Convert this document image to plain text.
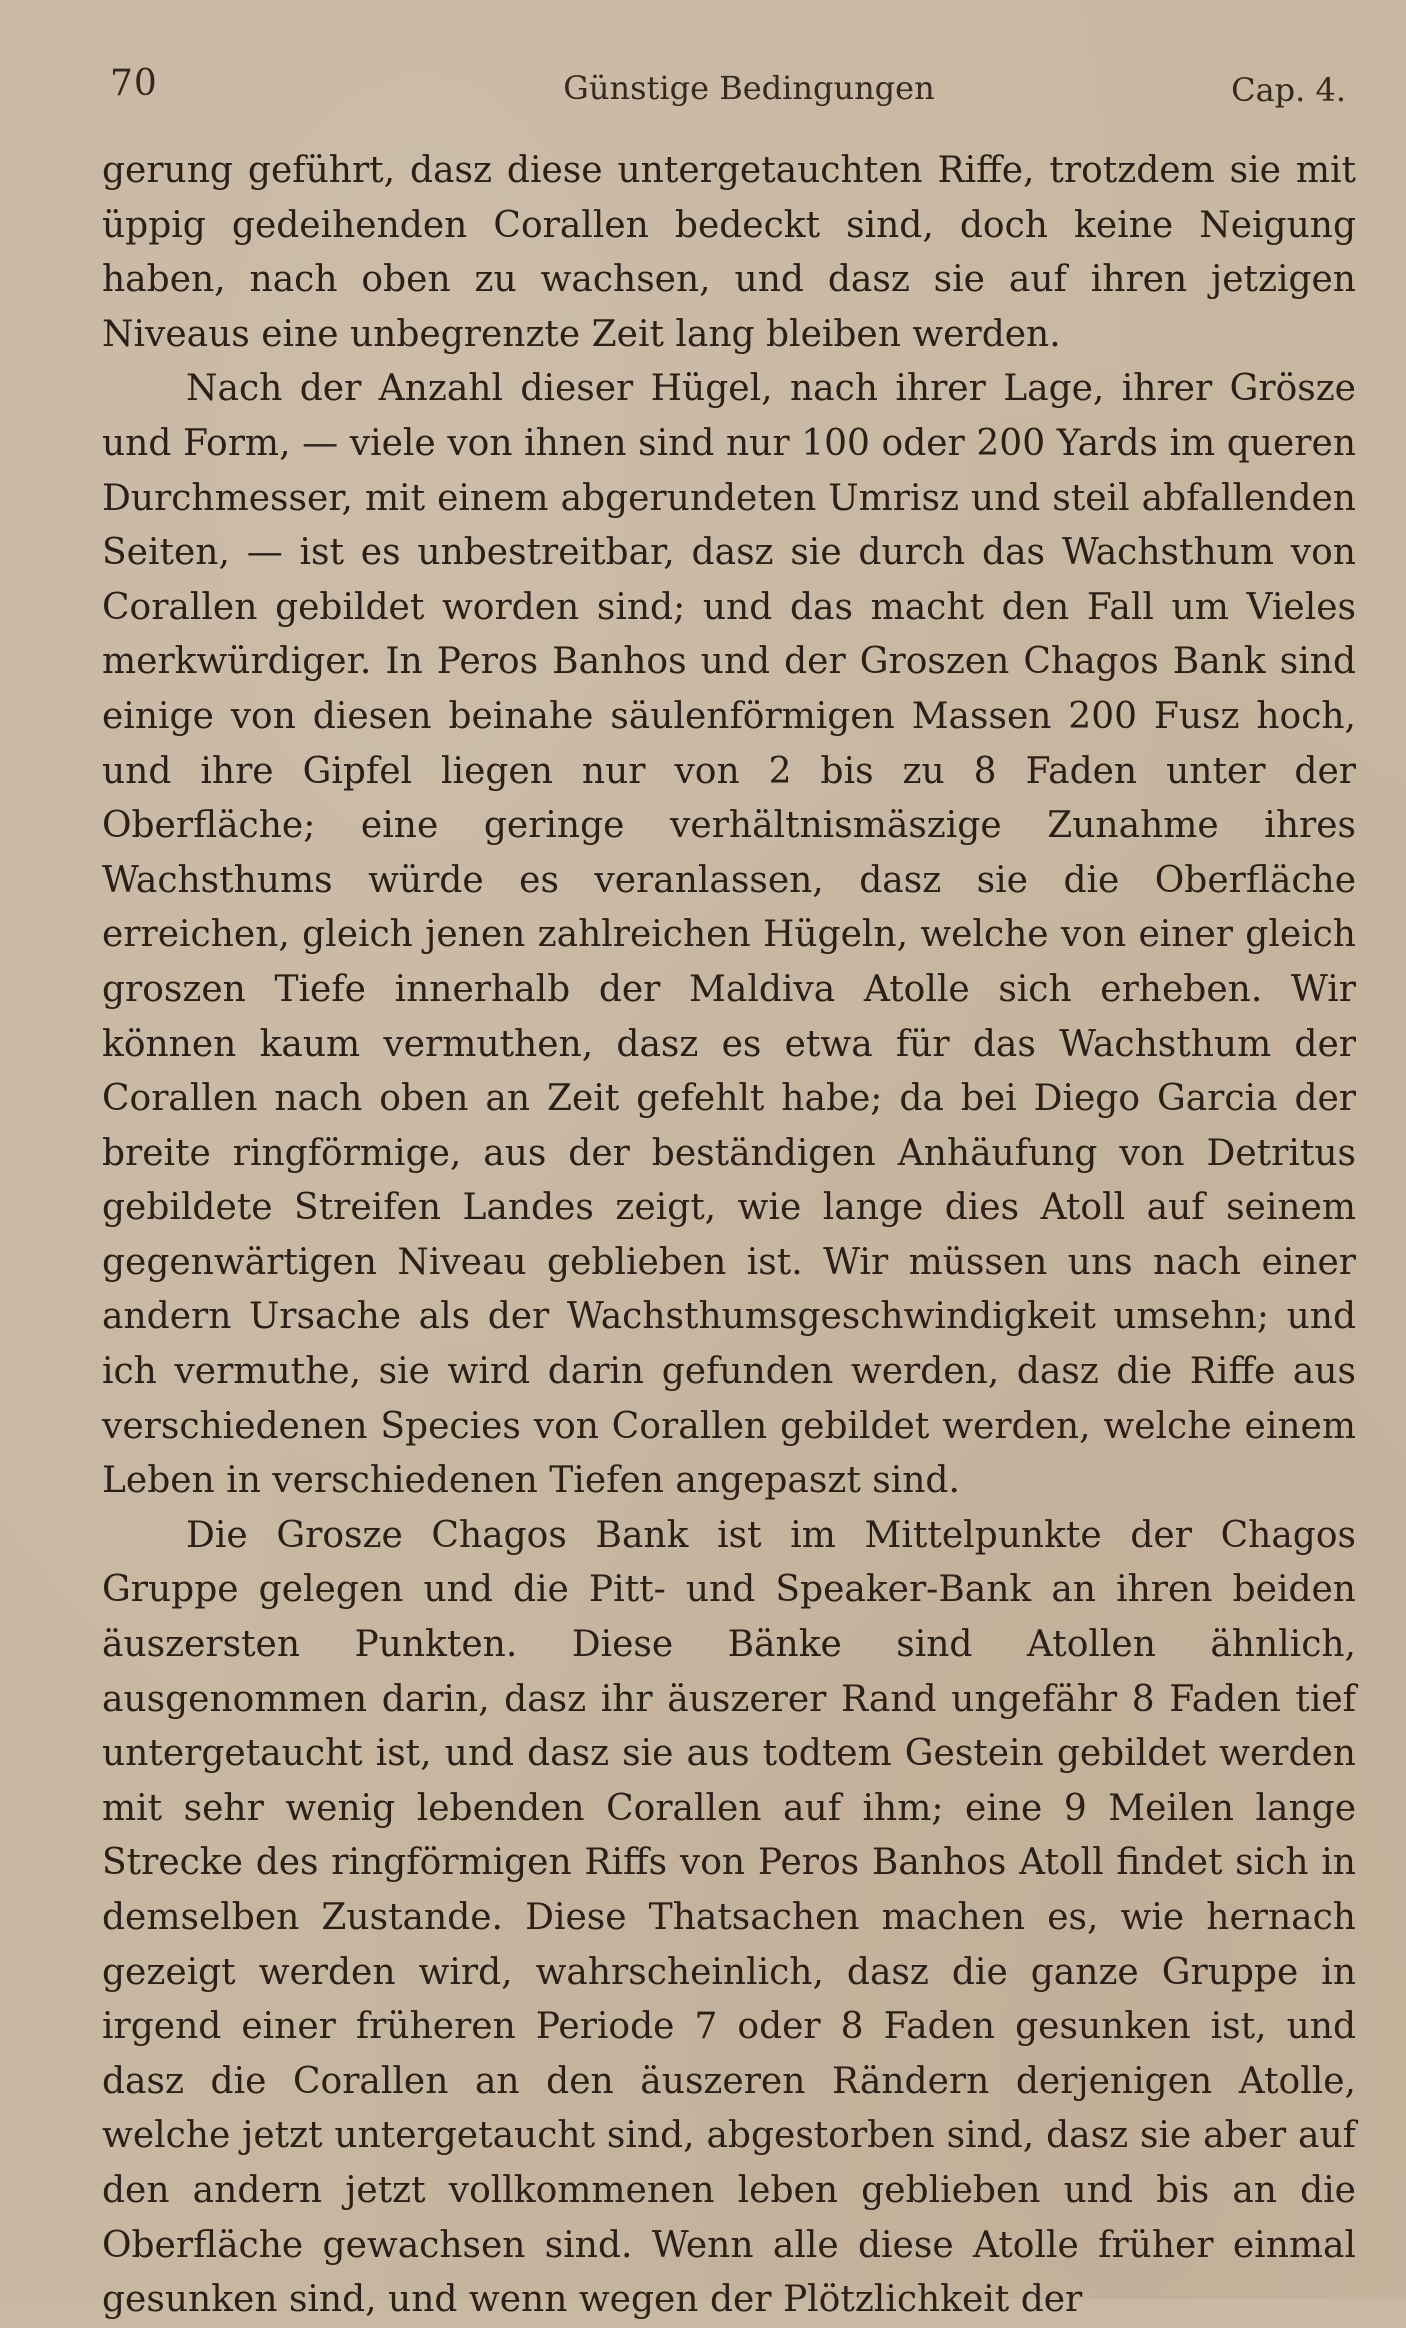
70	Günstige Bedingungen	Cap. 4.

gerung geführt, dasz diese untergetauchten Riffe, trotzdem sie mit üppig gedeihenden Corallen bedeckt sind, doch keine Neigung haben, nach oben zu wachsen, und dasz sie auf ihren jetzigen Niveaus eine unbegrenzte Zeit lang bleiben werden.

Nach der Anzahl dieser Hügel, nach ihrer Lage, ihrer Grösze und Form, — viele von ihnen sind nur 100 oder 200 Yards im queren Durchmesser, mit einem abgerundeten Umrisz und steil abfallenden Seiten, — ist es unbestreitbar, dasz sie durch das Wachsthum von Corallen gebildet worden sind; und das macht den Fall um Vieles merkwürdiger. In Peros Banhos und der Groszen Chagos Bank sind einige von diesen beinahe säulenförmigen Massen 200 Fusz hoch, und ihre Gipfel liegen nur von 2 bis zu 8 Faden unter der Oberfläche; eine geringe verhältnismäszige Zunahme ihres Wachsthums würde es veranlassen, dasz sie die Oberfläche erreichen, gleich jenen zahlreichen Hügeln, welche von einer gleich groszen Tiefe innerhalb der Maldiva Atolle sich erheben. Wir können kaum vermuthen, dasz es etwa für das Wachsthum der Corallen nach oben an Zeit gefehlt habe; da bei Diego Garcia der breite ringförmige, aus der beständigen Anhäufung von Detritus gebildete Streifen Landes zeigt, wie lange dies Atoll auf seinem gegenwärtigen Niveau geblieben ist. Wir müssen uns nach einer andern Ursache als der Wachsthumsgeschwindigkeit umsehn; und ich vermuthe, sie wird darin gefunden werden, dasz die Riffe aus verschiedenen Species von Corallen gebildet werden, welche einem Leben in verschiedenen Tiefen angepaszt sind.

Die Grosze Chagos Bank ist im Mittelpunkte der Chagos Gruppe gelegen und die Pitt- und Speaker-Bank an ihren beiden äuszersten Punkten. Diese Bänke sind Atollen ähnlich, ausgenommen darin, dasz ihr äuszerer Rand ungefähr 8 Faden tief untergetaucht ist, und dasz sie aus todtem Gestein gebildet werden mit sehr wenig lebenden Corallen auf ihm; eine 9 Meilen lange Strecke des ringförmigen Riffs von Peros Banhos Atoll findet sich in demselben Zustande. Diese Thatsachen machen es, wie hernach gezeigt werden wird, wahrscheinlich, dasz die ganze Gruppe in irgend einer früheren Periode 7 oder 8 Faden gesunken ist, und dasz die Corallen an den äuszeren Rändern derjenigen Atolle, welche jetzt untergetaucht sind, abgestorben sind, dasz sie aber auf den andern jetzt vollkommenen leben geblieben und bis an die Oberfläche gewachsen sind. Wenn alle diese Atolle früher einmal gesunken sind, und wenn wegen der Plötzlichkeit der
